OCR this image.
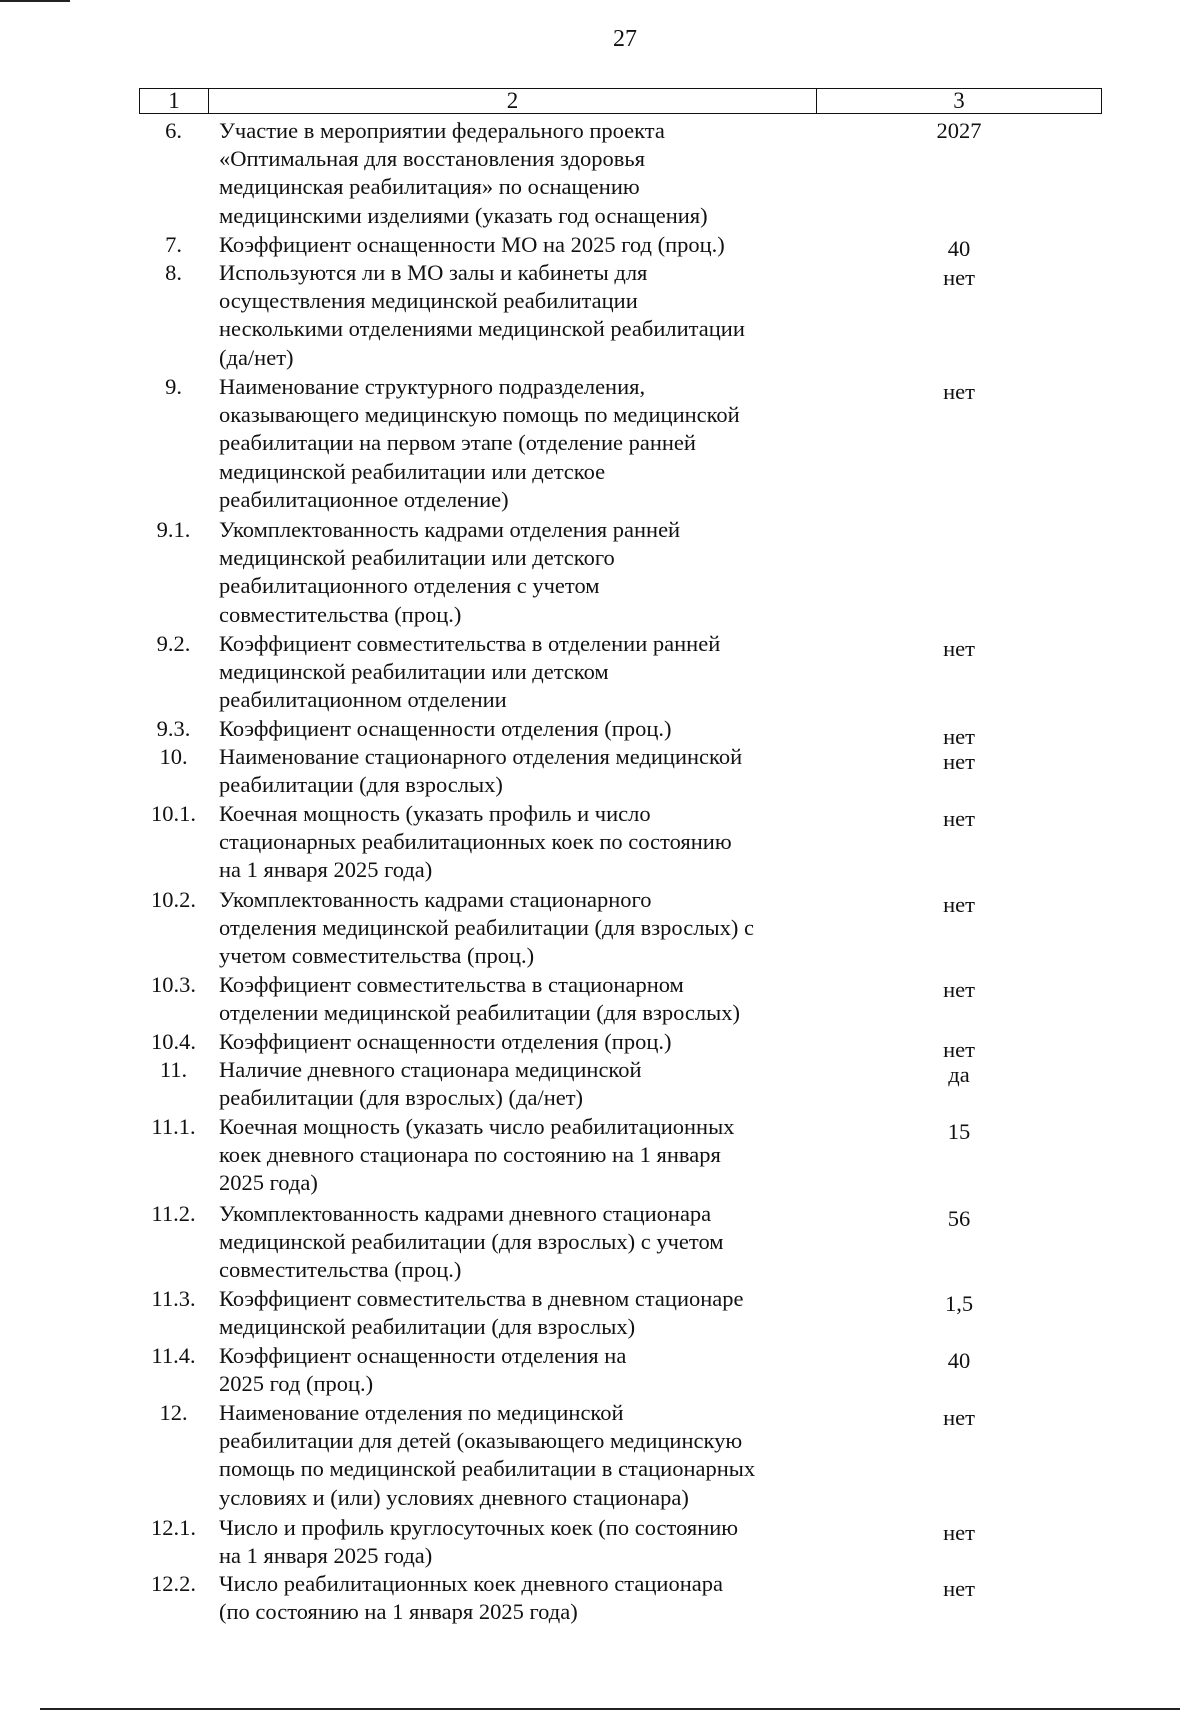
27
1	2	3
6.	Участие в мероприятии федерального проекта
«Оптимальная для восстановления здоровья
медицинская реабилитация» по оснащению
медицинскими изделиями (указать год оснащения)
2027
7.	Коэффициент оснащенности МО на 2025 год (проц.)	40
8.	Используются ли в МО залы и кабинеты для
осуществления медицинской реабилитации
несколькими отделениями медицинской реабилитации
(да/нет)
нет
9.	Наименование структурного подразделения,
оказывающего медицинскую помощь по медицинской
реабилитации на первом этапе (отделение ранней
медицинской реабилитации или детское
реабилитационное отделение)
нет
9.1.	Укомплектованность кадрами отделения ранней
медицинской реабилитации или детского
реабилитационного отделения с учетом
совместительства (проц.)
9.2.	Коэффициент совместительства в отделении ранней
медицинской реабилитации или детском
реабилитационном отделении
нет
9.3.	Коэффициент оснащенности отделения (проц.)	нет
10.	Наименование стационарного отделения медицинской
реабилитации (для взрослых)
нет
10.1.	Коечная мощность (указать профиль и число
стационарных реабилитационных коек по состоянию
на 1 января 2025 года)
нет
10.2.	Укомплектованность кадрами стационарного
отделения медицинской реабилитации (для взрослых) с
учетом совместительства (проц.)
нет
10.3.	Коэффициент совместительства в стационарном
отделении медицинской реабилитации (для взрослых)
нет
10.4.	Коэффициент оснащенности отделения (проц.)	нет
11.	Наличие дневного стационара медицинской
реабилитации (для взрослых) (да/нет)
да
11.1.	Коечная мощность (указать число реабилитационных
коек дневного стационара по состоянию на 1 января
2025 года)
15
11.2.	Укомплектованность кадрами дневного стационара
медицинской реабилитации (для взрослых) с учетом
совместительства (проц.)
56
11.3.	Коэффициент совместительства в дневном стационаре
медицинской реабилитации (для взрослых)
1,5
11.4.	Коэффициент оснащенности отделения на
2025 год (проц.)
40
12.	Наименование отделения по медицинской
реабилитации для детей (оказывающего медицинскую
помощь по медицинской реабилитации в стационарных
условиях и (или) условиях дневного стационара)
нет
12.1.	Число и профиль круглосуточных коек (по состоянию
на 1 января 2025 года)
нет
12.2.	Число реабилитационных коек дневного стационара
(по состоянию на 1 января 2025 года)
нет
